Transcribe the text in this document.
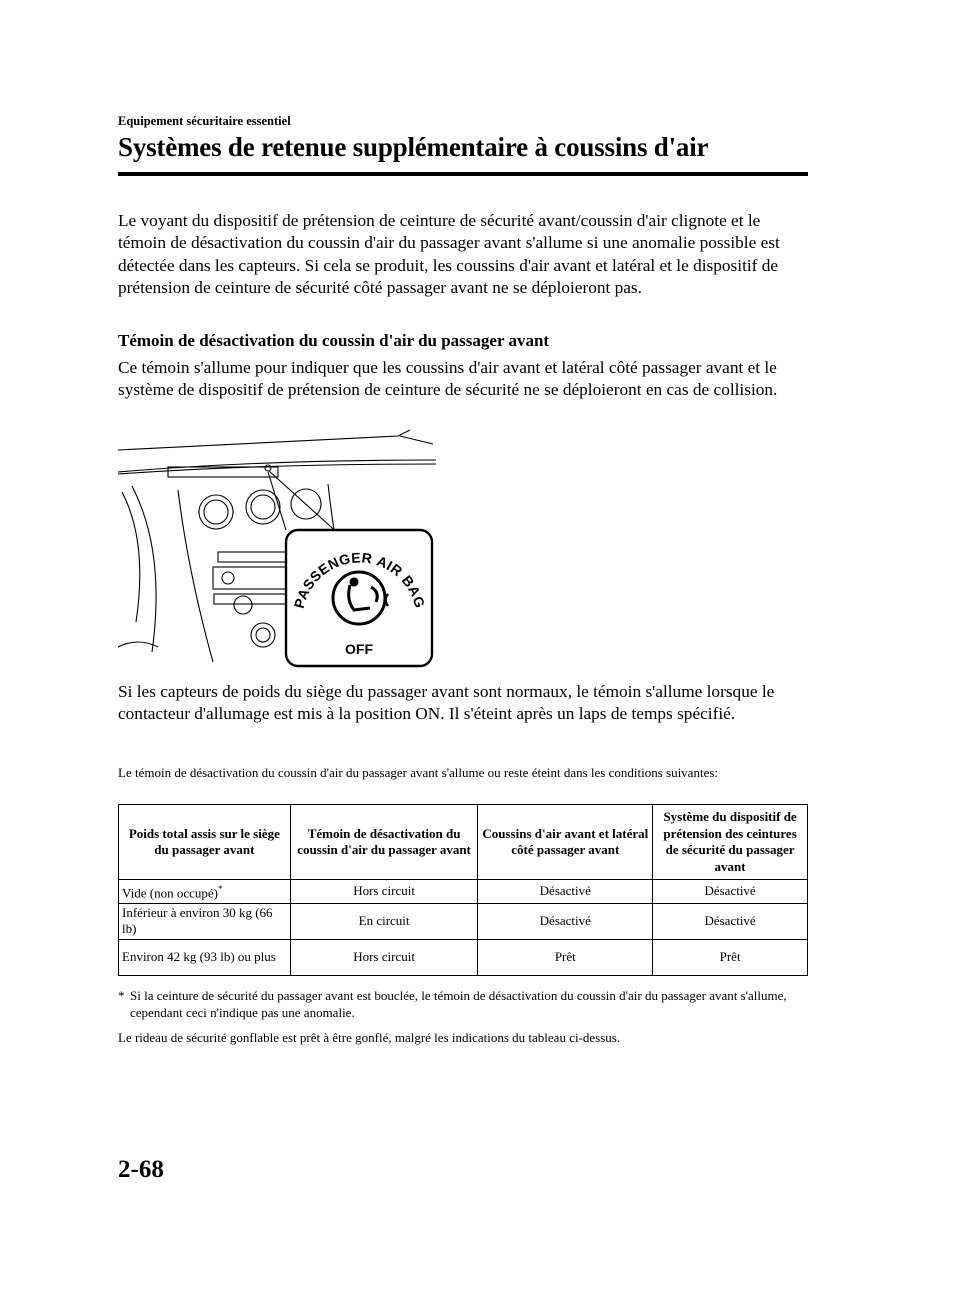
Equipement sécuritaire essentiel
Systèmes de retenue supplémentaire à coussins d'air

Le voyant du dispositif de prétension de ceinture de sécurité avant/coussin d'air clignote et le témoin de désactivation du coussin d'air du passager avant s'allume si une anomalie possible est détectée dans les capteurs. Si cela se produit, les coussins d'air avant et latéral et le dispositif de prétension de ceinture de sécurité côté passager avant ne se déploieront pas.

Témoin de désactivation du coussin d'air du passager avant

Ce témoin s'allume pour indiquer que les coussins d'air avant et latéral côté passager avant et le système de dispositif de prétension de ceinture de sécurité ne se déploieront en cas de collision.

PASSENGER AIR BAG
OFF

Si les capteurs de poids du siège du passager avant sont normaux, le témoin s'allume lorsque le contacteur d'allumage est mis à la position ON. Il s'éteint après un laps de temps spécifié.

Le témoin de désactivation du coussin d'air du passager avant s'allume ou reste éteint dans les conditions suivantes:

Poids total assis sur le siège du passager avant	Témoin de désactivation du coussin d'air du passager avant	Coussins d'air avant et latéral côté passager avant	Système du dispositif de prétension des ceintures de sécurité du passager avant
Vide (non occupé)*	Hors circuit	Désactivé	Désactivé
Inférieur à environ 30 kg (66 lb)	En circuit	Désactivé	Désactivé
Environ 42 kg (93 lb) ou plus	Hors circuit	Prêt	Prêt
* Si la ceinture de sécurité du passager avant est bouclée, le témoin de désactivation du coussin d'air du passager avant s'allume, cependant ceci n'indique pas une anomalie.

Le rideau de sécurité gonflable est prêt à être gonflé, malgré les indications du tableau ci-dessus.

2-68
